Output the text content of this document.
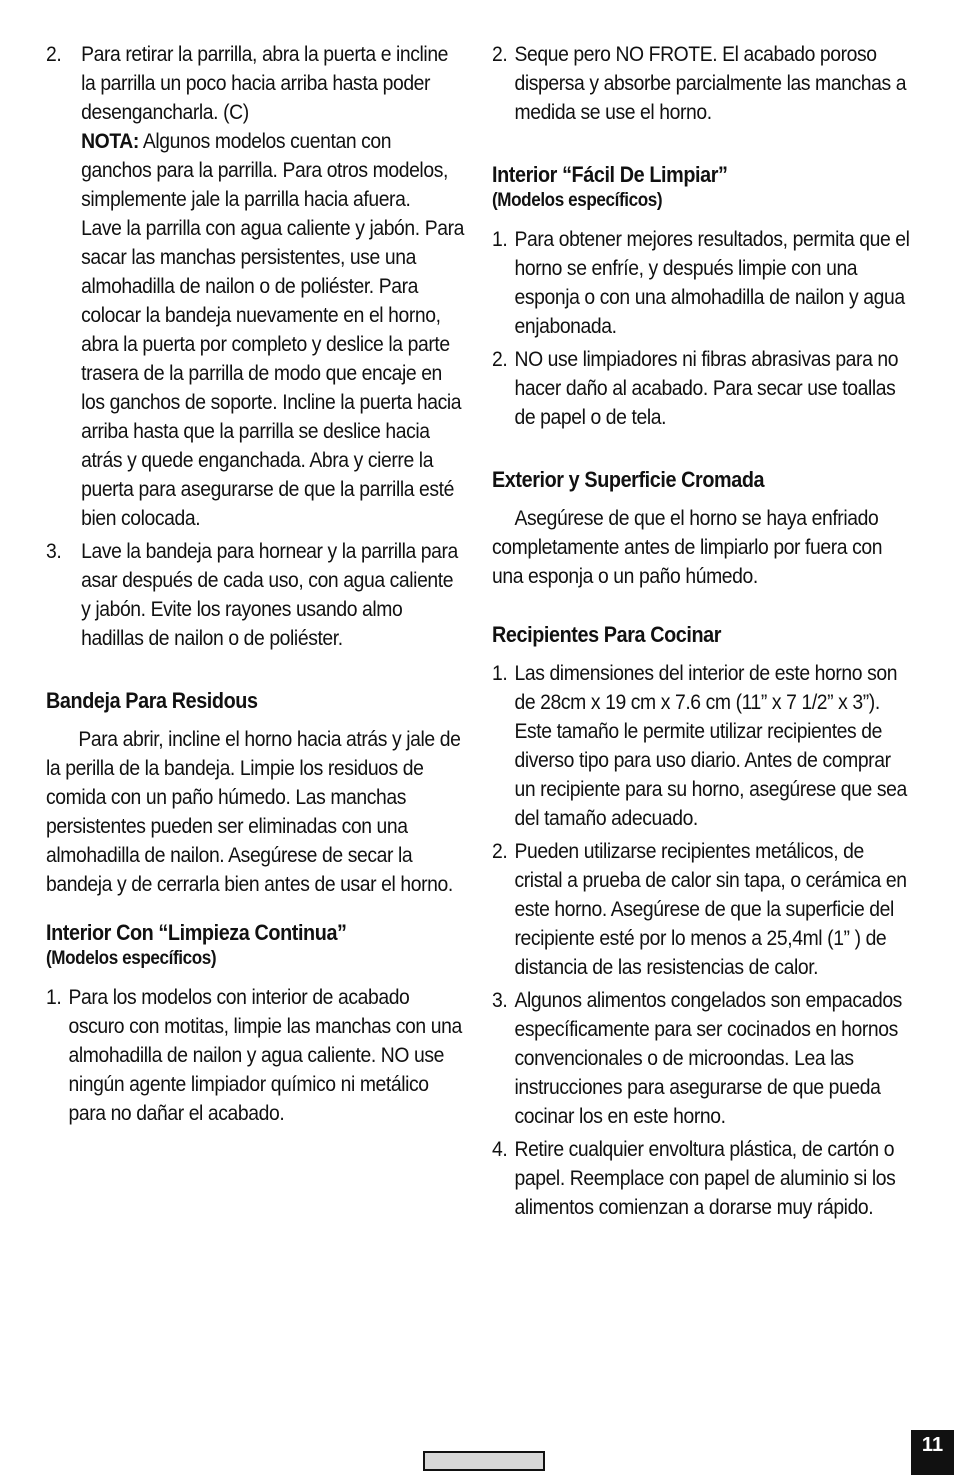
2. Para retirar la parrilla, abra la puerta e incline la parrilla un poco hacia arriba hasta poder desengancharla. (C)
NOTA: Algunos modelos cuentan con ganchos para la parrilla. Para otros modelos, simplemente jale la parrilla hacia afuera.

Lave la parrilla con agua caliente y jabón. Para sacar las manchas persistentes, use una almohadilla de nailon o de poliéster. Para colocar la bandeja nuevamente en el horno, abra la puerta por completo y deslice la parte trasera de la parrilla de modo que encaje en los ganchos de soporte. Incline la puerta hacia arriba hasta que la parrilla se deslice hacia atrás y quede enganchada. Abra y cierre la puerta para asegurarse de que la parrilla esté bien colocada.

3. Lave la bandeja para hornear y la parrilla para asar después de cada uso, con agua caliente y jabón. Evite los rayones usando almo hadillas de nailon o de poliéster.

Bandeja Para Residous

Para abrir, incline el horno hacia atrás y jale de la perilla de la bandeja. Limpie los residuos de comida con un paño húmedo. Las manchas persistentes pueden ser eliminadas con una almohadilla de nailon. Asegúrese de secar la bandeja y de cerrarla bien antes de usar el horno.

Interior Con “Limpieza Continua”
(Modelos específicos)
1. Para los modelos con interior de acabado oscuro con motitas, limpie las manchas con una almohadilla de nailon y agua caliente. NO use ningún agente limpiador químico ni metálico para no dañar el acabado.

2. Seque pero NO FROTE. El acabado poroso dispersa y absorbe parcialmente las manchas a medida se use el horno.

Interior “Fácil De Limpiar”
(Modelos específicos)
1. Para obtener mejores resultados, permita que el horno se enfríe, y después limpie con una esponja o con una almohadilla de nailon y agua enjabonada.

2. NO use limpiadores ni fibras abrasivas para no hacer daño al acabado. Para secar use toallas de papel o de tela.

Exterior y Superficie Cromada

Asegúrese de que el horno se haya enfriado completamente antes de limpiarlo por fuera con una esponja o un paño húmedo.

Recipientes Para Cocinar
1. Las dimensiones del interior de este horno son de 28cm x 19 cm x 7.6 cm (11” x 7 1/2” x 3”). Este tamaño le permite utilizar recipientes de diverso tipo para uso diario. Antes de comprar un recipiente para su horno, asegúrese que sea del tamaño adecuado.

2. Pueden utilizarse recipientes metálicos, de cristal a prueba de calor sin tapa, o cerámica en este horno. Asegúrese de que la superficie del recipiente esté por lo menos a 25,4ml (1” ) de distancia de las resistencias de calor.

3. Algunos alimentos congelados son empacados específicamente para ser cocinados en hornos convencionales o de microondas. Lea las instrucciones para asegurarse de que pueda cocinar los en este horno.

4. Retire cualquier envoltura plástica, de cartón o papel. Reemplace con papel de aluminio si los alimentos comienzan a dorarse muy rápido.

11
